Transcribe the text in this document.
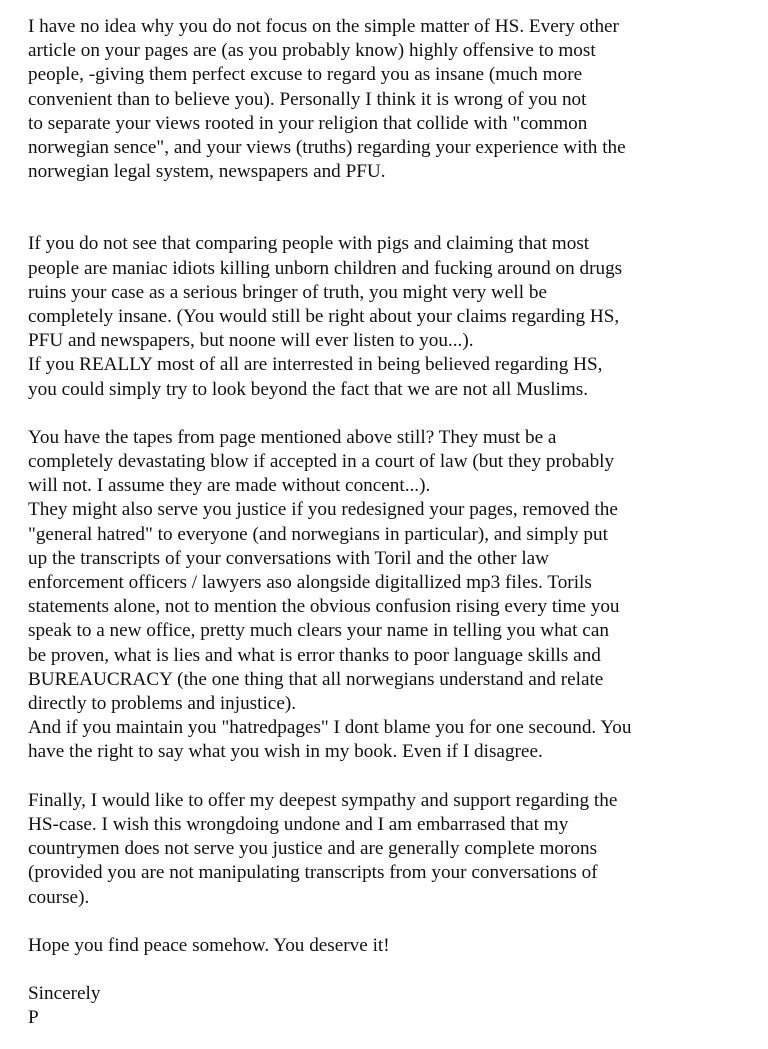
I have no idea why you do not focus on the simple matter of HS. Every other
article on your pages are (as you probably know) highly offensive to most
people, -giving them perfect excuse to regard you as insane (much more
convenient than to believe you). Personally I think it is wrong of you not
to separate your views rooted in your religion that collide with "common
norwegian sence", and your views (truths) regarding your experience with the
norwegian legal system, newspapers and PFU.

If you do not see that comparing people with pigs and claiming that most
people are maniac idiots killing unborn children and fucking around on drugs
ruins your case as a serious bringer of truth, you might very well be
completely insane. (You would still be right about your claims regarding HS,
PFU and newspapers, but noone will ever listen to you...).
If you REALLY most of all are interrested in being believed regarding HS,
you could simply try to look beyond the fact that we are not all Muslims.

You have the tapes from page mentioned above still? They must be a
completely devastating blow if accepted in a court of law (but they probably
will not. I assume they are made without concent...).
They might also serve you justice if you redesigned your pages, removed the
"general hatred" to everyone (and norwegians in particular), and simply put
up the transcripts of your conversations with Toril and the other law
enforcement officers / lawyers aso alongside digitallized mp3 files. Torils
statements alone, not to mention the obvious confusion rising every time you
speak to a new office, pretty much clears your name in telling you what can
be proven, what is lies and what is error thanks to poor language skills and
BUREAUCRACY (the one thing that all norwegians understand and relate
directly to problems and injustice).
And if you maintain you "hatredpages" I dont blame you for one secound. You
have the right to say what you wish in my book. Even if I disagree.

Finally, I would like to offer my deepest sympathy and support regarding the
HS-case. I wish this wrongdoing undone and I am embarrased that my
countrymen does not serve you justice and are generally complete morons
(provided you are not manipulating transcripts from your conversations of
course).

Hope you find peace somehow. You deserve it!

Sincerely
P
